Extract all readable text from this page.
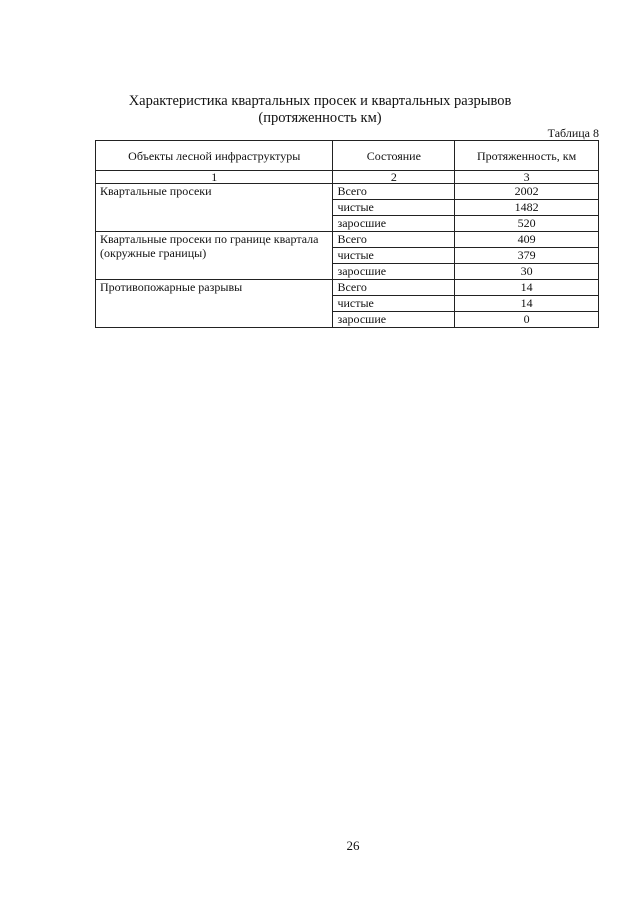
Характеристика квартальных просек и квартальных разрывов
(протяженность км)
Таблица 8
Объекты лесной инфраструктуры	Состояние	Протяженность, км
1	2	3
Квартальные просеки	Всего	2002
	чистые	1482
	заросшие	520
Квартальные просеки по границе квартала (окружные границы)	Всего	409
	чистые	379
	заросшие	30
Противопожарные разрывы	Всего	14
	чистые	14
	заросшие	0
26
